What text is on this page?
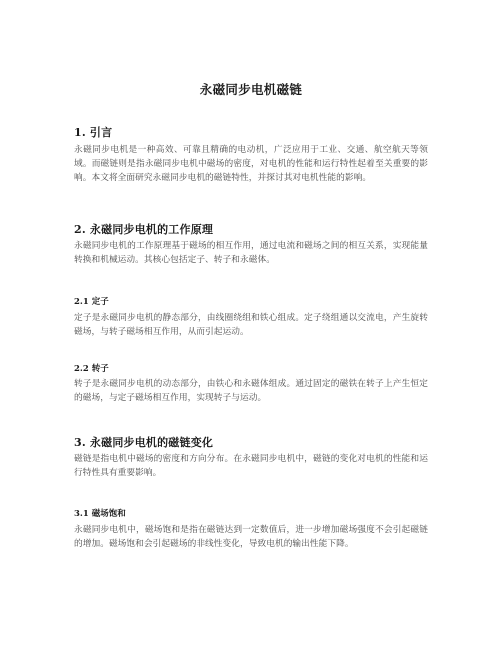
永磁同步电机磁链
1. 引言

永磁同步电机是一种高效、可靠且精确的电动机，广泛应用于工业、交通、航空航天等领域。而磁链则是指永磁同步电机中磁场的密度，对电机的性能和运行特性起着至关重要的影响。本文将全面研究永磁同步电机的磁链特性，并探讨其对电机性能的影响。

2. 永磁同步电机的工作原理

永磁同步电机的工作原理基于磁场的相互作用，通过电流和磁场之间的相互关系，实现能量转换和机械运动。其核心包括定子、转子和永磁体。

2.1 定子

定子是永磁同步电机的静态部分，由线圈绕组和铁心组成。定子绕组通以交流电，产生旋转磁场，与转子磁场相互作用，从而引起运动。

2.2 转子

转子是永磁同步电机的动态部分，由铁心和永磁体组成。通过固定的磁铁在转子上产生恒定的磁场，与定子磁场相互作用，实现转子与运动。

3. 永磁同步电机的磁链变化

磁链是指电机中磁场的密度和方向分布。在永磁同步电机中，磁链的变化对电机的性能和运行特性具有重要影响。

3.1 磁场饱和

永磁同步电机中，磁场饱和是指在磁链达到一定数值后，进一步增加磁场强度不会引起磁链的增加。磁场饱和会引起磁场的非线性变化，导致电机的输出性能下降。
